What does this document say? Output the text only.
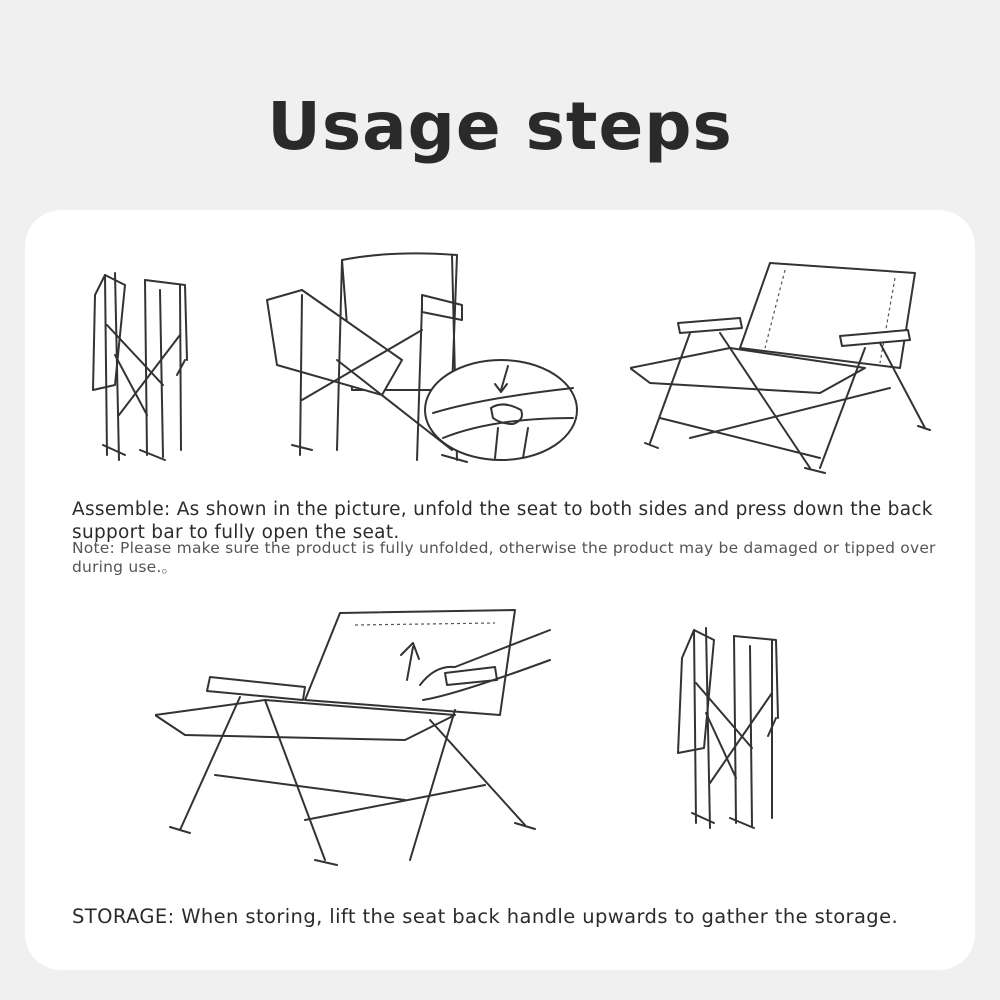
Usage steps
Assemble: As shown in the picture, unfold the seat to both sides and press down the back support bar to fully open the seat.
Note: Please make sure the product is fully unfolded, otherwise the product may be damaged or tipped over during use.。
STORAGE: When storing, lift the seat back handle upwards to gather the storage.
